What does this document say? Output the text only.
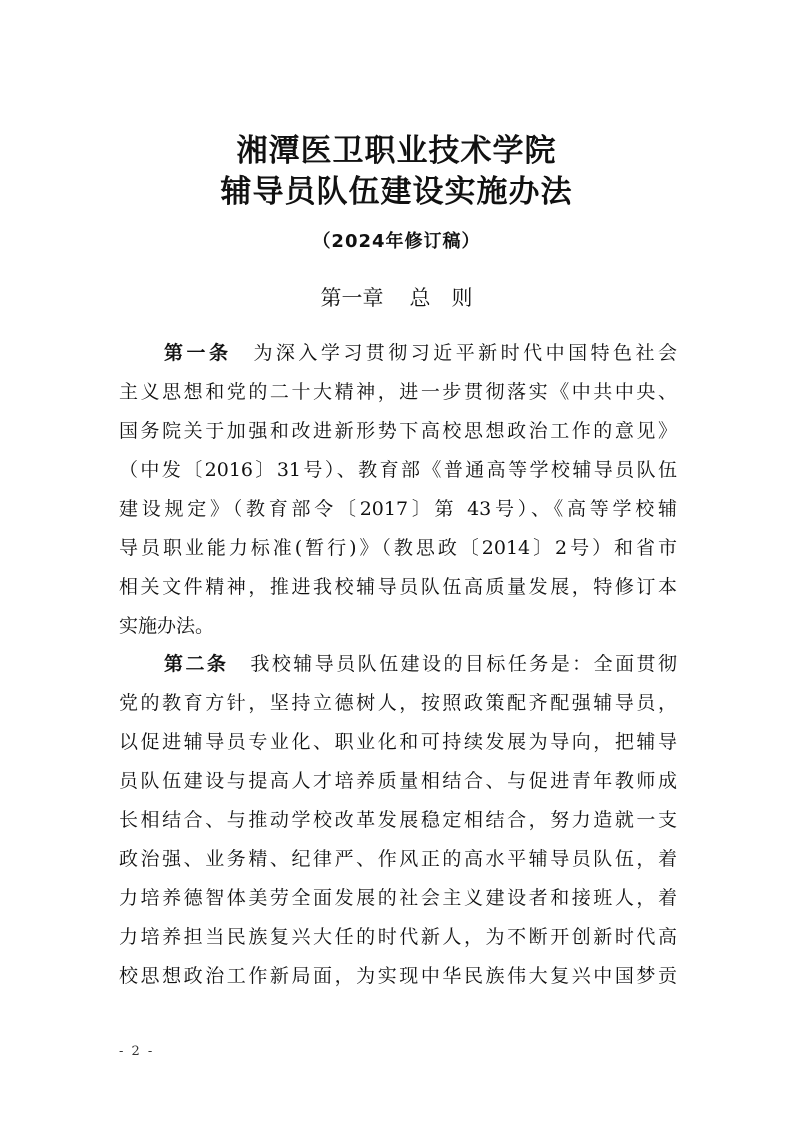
湘潭医卫职业技术学院
辅导员队伍建设实施办法
（2024年修订稿）
第一章 总　则
第一条 为深入学习贯彻习近平新时代中国特色社会
主义思想和党的二十大精神，进一步贯彻落实《中共中央、
国务院关于加强和改进新形势下高校思想政治工作的意见》
（中发〔2016〕31号）、教育部《普通高等学校辅导员队伍
建设规定》（教育部令〔2017〕第 43号）、《高等学校辅
导员职业能力标准(暂行)》（教思政〔2014〕2号）和省市
相关文件精神，推进我校辅导员队伍高质量发展，特修订本
实施办法。
第二条 我校辅导员队伍建设的目标任务是：全面贯彻
党的教育方针，坚持立德树人，按照政策配齐配强辅导员，
以促进辅导员专业化、职业化和可持续发展为导向，把辅导
员队伍建设与提高人才培养质量相结合、与促进青年教师成
长相结合、与推动学校改革发展稳定相结合，努力造就一支
政治强、业务精、纪律严、作风正的高水平辅导员队伍，着
力培养德智体美劳全面发展的社会主义建设者和接班人，着
力培养担当民族复兴大任的时代新人，为不断开创新时代高
校思想政治工作新局面，为实现中华民族伟大复兴中国梦贡
- 2 -
